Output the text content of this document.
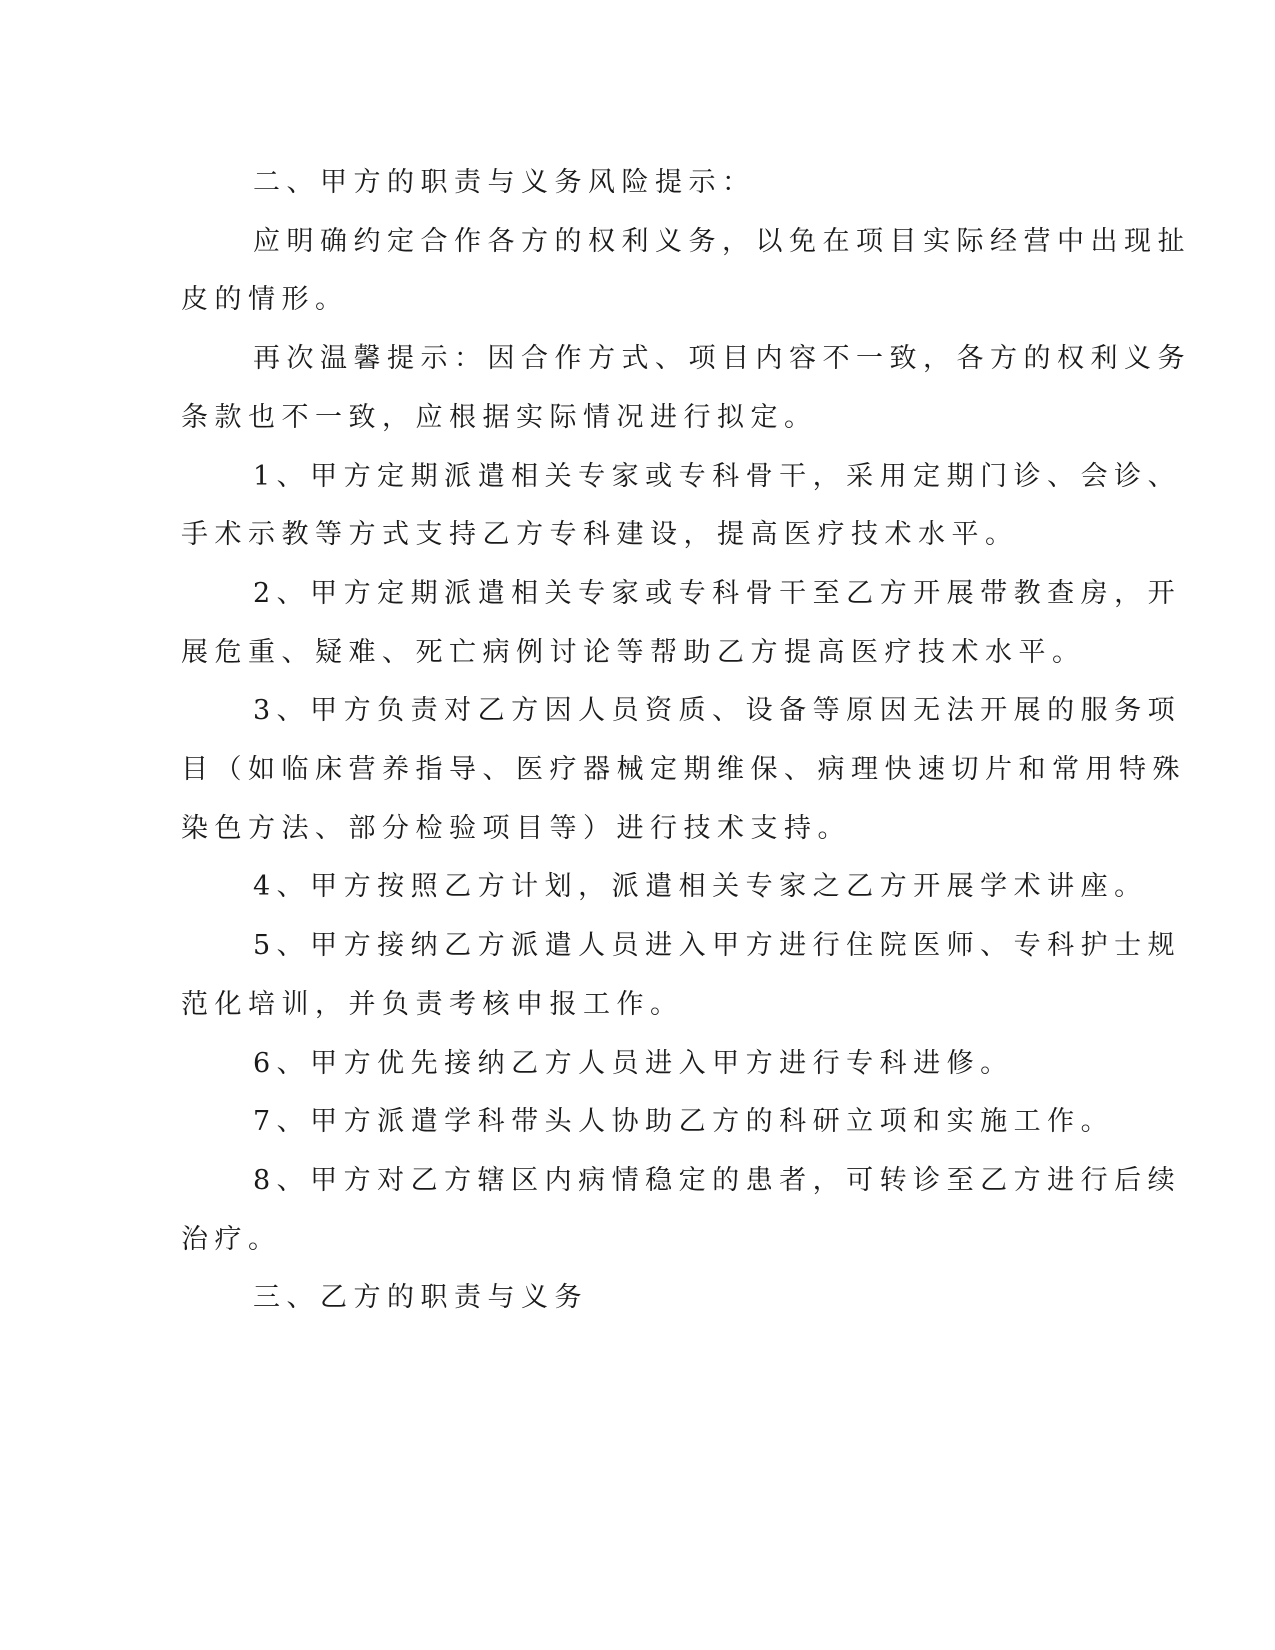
二、甲方的职责与义务风险提示：
应明确约定合作各方的权利义务，以免在项目实际经营中出现扯
皮的情形。
再次温馨提示：因合作方式、项目内容不一致，各方的权利义务
条款也不一致，应根据实际情况进行拟定。
1、甲方定期派遣相关专家或专科骨干，采用定期门诊、会诊、
手术示教等方式支持乙方专科建设，提高医疗技术水平。
2、甲方定期派遣相关专家或专科骨干至乙方开展带教查房，开
展危重、疑难、死亡病例讨论等帮助乙方提高医疗技术水平。
3、甲方负责对乙方因人员资质、设备等原因无法开展的服务项
目（如临床营养指导、医疗器械定期维保、病理快速切片和常用特殊
染色方法、部分检验项目等）进行技术支持。
4、甲方按照乙方计划，派遣相关专家之乙方开展学术讲座。
5、甲方接纳乙方派遣人员进入甲方进行住院医师、专科护士规
范化培训，并负责考核申报工作。
6、甲方优先接纳乙方人员进入甲方进行专科进修。
7、甲方派遣学科带头人协助乙方的科研立项和实施工作。
8、甲方对乙方辖区内病情稳定的患者，可转诊至乙方进行后续
治疗。
三、乙方的职责与义务
